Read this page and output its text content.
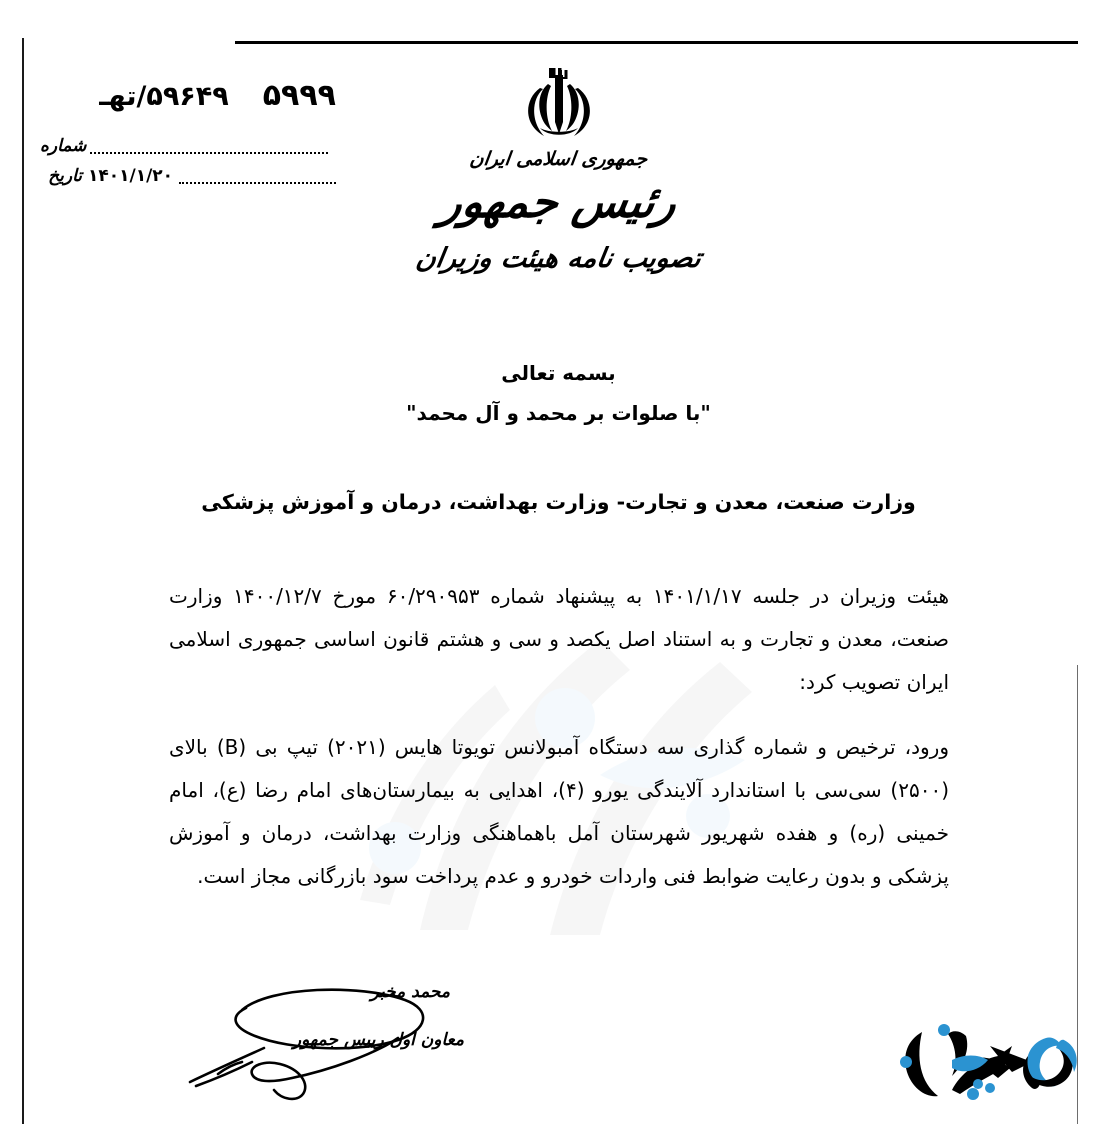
۵۹۹۹
۵۹۶۴۹/تهـ
شماره
۱۴۰۱/۱/۲۰
تاریخ
جمهوری اسلامی ایران
رئیس جمهور
تصویب نامه هیئت وزیران
بسمه تعالی
"با صلوات بر محمد و آل محمد"
وزارت صنعت، معدن و تجارت- وزارت بهداشت، درمان و آموزش پزشکی

هیئت وزیران در جلسه ۱۴۰۱/۱/۱۷ به پیشنهاد شماره ۶۰/۲۹۰۹۵۳ مورخ ۱۴۰۰/۱۲/۷ وزارت صنعت، معدن و تجارت و به استناد اصل یکصد و سی و هشتم قانون اساسی جمهوری اسلامی ایران تصویب کرد:

ورود، ترخیص و شماره گذاری سه دستگاه آمبولانس تویوتا هایس (۲۰۲۱) تیپ بی (B) بالای (۲۵۰۰) سی‌سی با استاندارد آلایندگی یورو (۴)، اهدایی به بیمارستان‌های امام رضا (ع)، امام خمینی (ره) و هفده شهریور شهرستان آمل باهماهنگی وزارت بهداشت، درمان و آموزش پزشکی و بدون رعایت ضوابط فنی واردات خودرو و عدم پرداخت سود بازرگانی مجاز است.

محمد مخبر
معاون اول رییس جمهور
